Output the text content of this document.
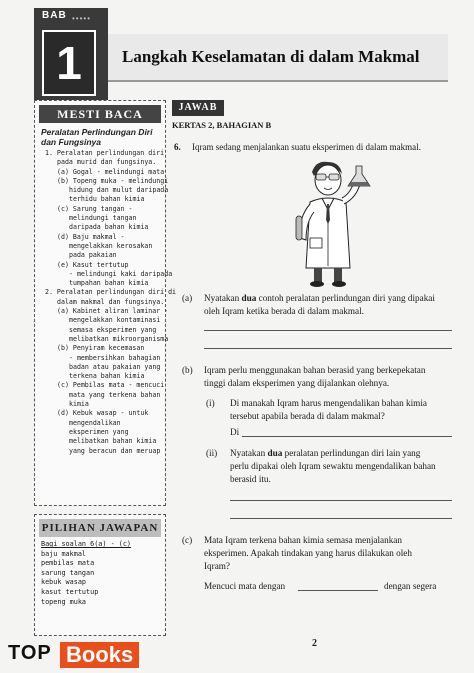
BAB •••••
1	Langkah Keselamatan di dalam Makmal
MESTI BACA
Peralatan Perlindungan Diri
dan Fungsinya
1. Peralatan perlindungan diri
pada murid dan fungsinya.
(a) Gogal - melindungi mata
(b) Topeng muka - melindungi
hidung dan mulut daripada
terhidu bahan kimia
(c) Sarung tangan -
melindungi tangan
daripada bahan kimia
(d) Baju makmal -
mengelakkan kerosakan
pada pakaian
(e) Kasut tertutup
- melindungi kaki daripada
tumpahan bahan kimia
2. Peralatan perlindungan diri di
dalam makmal dan fungsinya.
(a) Kabinet aliran laminar -
mengelakkan kontaminasi
semasa eksperimen yang
melibatkan mikroorganisma
(b) Penyiram kecemasan
- membersihkan bahagian
badan atau pakaian yang
terkena bahan kimia
(c) Pembilas mata - mencuci
mata yang terkena bahan
kimia
(d) Kebuk wasap - untuk
mengendalikan
eksperimen yang
melibatkan bahan kimia
yang beracun dan meruap
PILIHAN JAWAPAN
Bagi soalan 6(a) - (c)
baju makmal
pembilas mata
sarung tangan
kebuk wasap
kasut tertutup
topeng muka
JAWAB
KERTAS 2, BAHAGIAN B
6. Iqram sedang menjalankan suatu eksperimen di dalam makmal.
(a) Nyatakan dua contoh peralatan perlindungan diri yang dipakai
oleh Iqram ketika berada di dalam makmal.
(b) Iqram perlu menggunakan bahan berasid yang berkepekatan
tinggi dalam eksperimen yang dijalankan olehnya.
(i) Di manakah Iqram harus mengendalikan bahan kimia
tersebut apabila berada di dalam makmal?
Di
(ii) Nyatakan dua peralatan perlindungan diri lain yang
perlu dipakai oleh Iqram sewaktu mengendalikan bahan
berasid itu.
(c) Mata Iqram terkena bahan kimia semasa menjalankan
eksperimen. Apakah tindakan yang harus dilakukan oleh
Iqram?
Mencuci mata dengan	dengan segera
2
TOP Books
